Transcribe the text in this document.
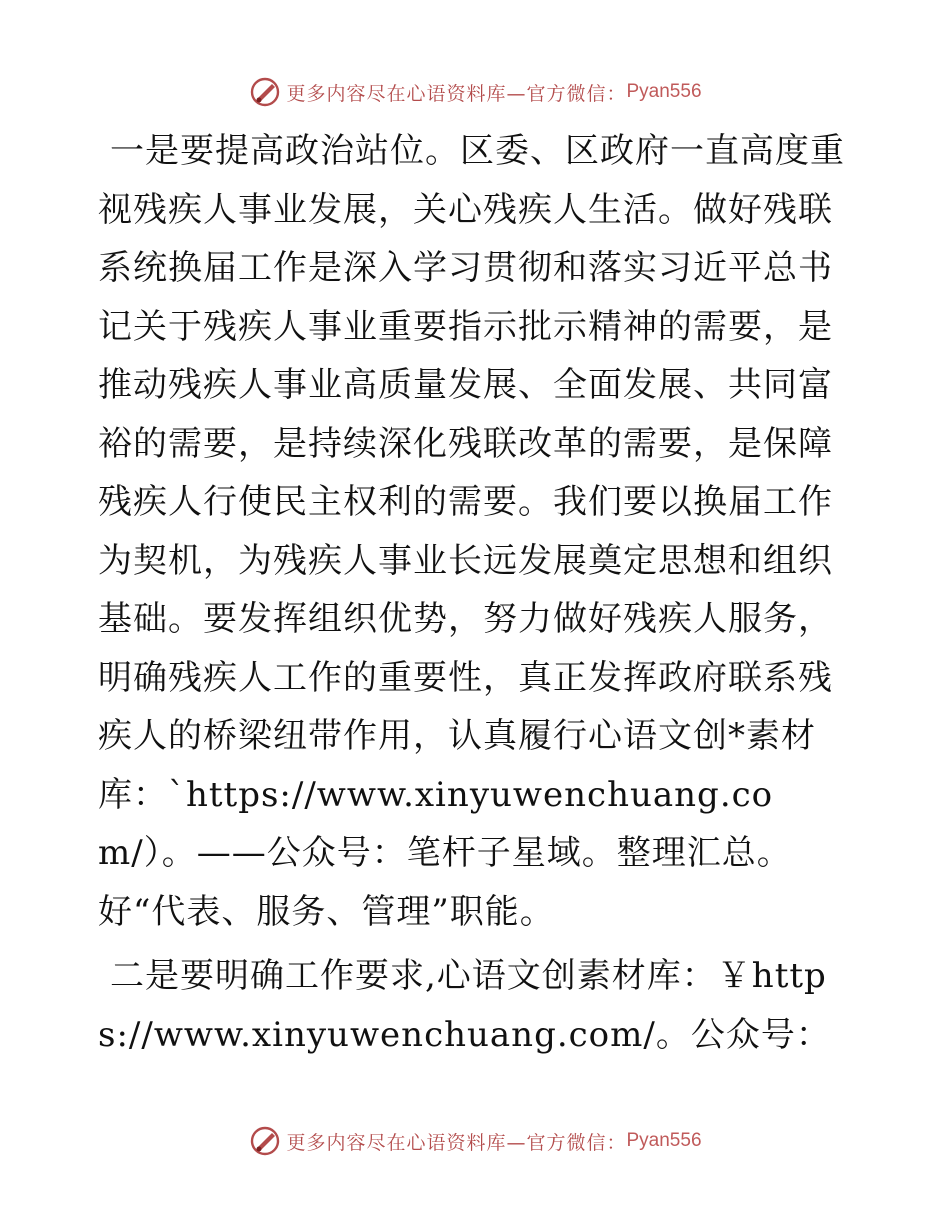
更多内容尽在心语资料库—官方微信： Pyan556

一是要提高政治站位。区委、区政府一直高度重视残疾人事业发展，关心残疾人生活。做好残联系统换届工作是深入学习贯彻和落实习近平总书记关于残疾人事业重要指示批示精神的需要，是推动残疾人事业高质量发展、全面发展、共同富裕的需要，是持续深化残联改革的需要，是保障残疾人行使民主权利的需要。我们要以换届工作为契机，为残疾人事业长远发展奠定思想和组织基础。要发挥组织优势，努力做好残疾人服务，明确残疾人工作的重要性，真正发挥政府联系残疾人的桥梁纽带作用，认真履行心语文创*素材库：`https://www.xinyuwenchuang.com/）。——公众号：笔杆子星域。整理汇总。好“代表、服务、管理”职能。

二是要明确工作要求,心语文创素材库：￥https://www.xinyuwenchuang.com/。公众号：

更多内容尽在心语资料库—官方微信： Pyan556
